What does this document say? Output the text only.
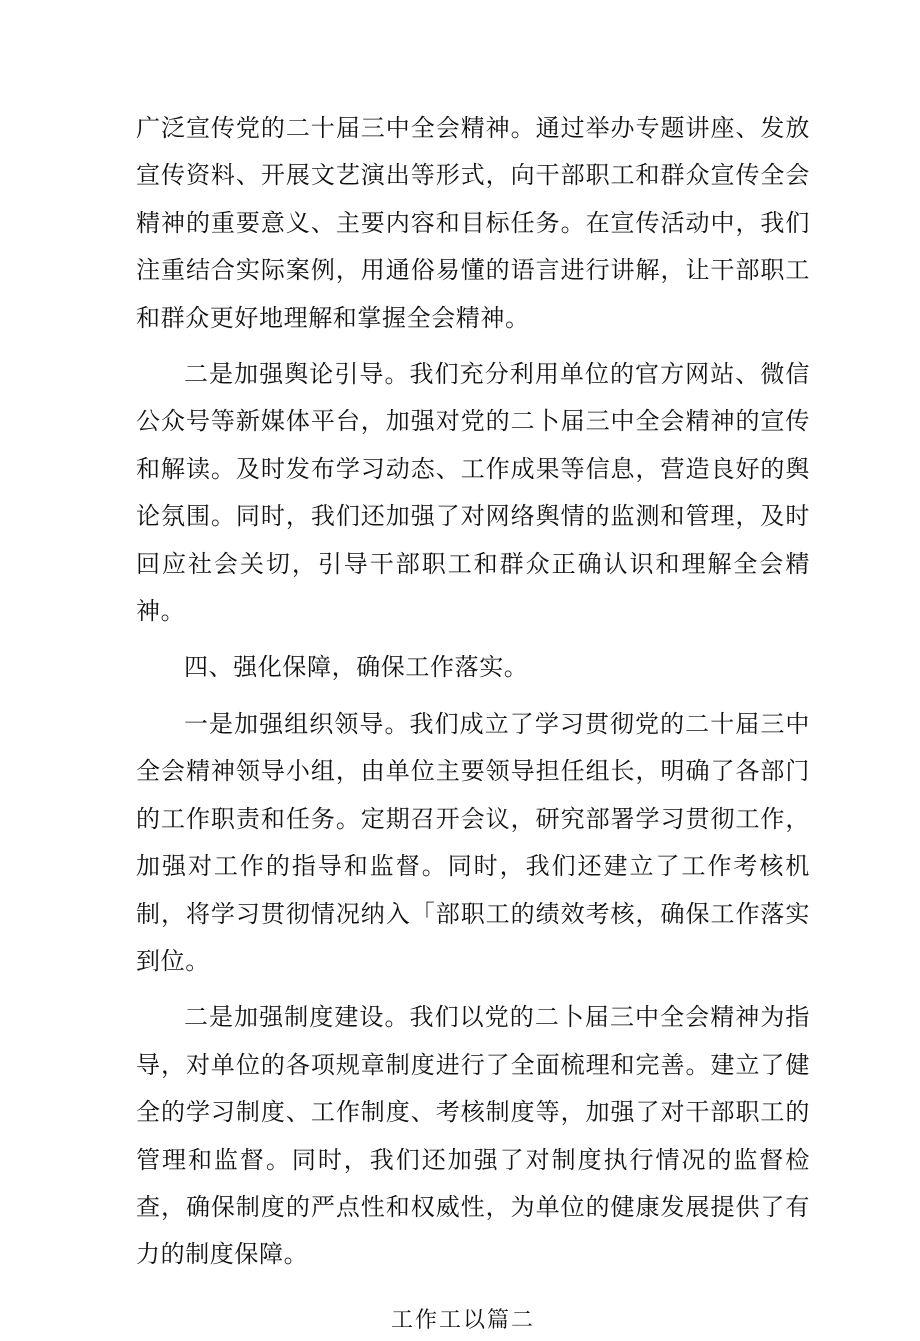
广泛宣传党的二十届三中全会精神。通过举办专题讲座、发放宣传资料、开展文艺演出等形式，向干部职工和群众宣传全会精神的重要意义、主要内容和目标任务。在宣传活动中，我们注重结合实际案例，用通俗易懂的语言进行讲解，让干部职工和群众更好地理解和掌握全会精神。

二是加强舆论引导。我们充分利用单位的官方网站、微信公众号等新媒体平台，加强对党的二卜届三中全会精神的宣传和解读。及时发布学习动态、工作成果等信息，营造良好的舆论氛围。同时，我们还加强了对网络舆情的监测和管理，及时回应社会关切，引导干部职工和群众正确认识和理解全会精神。

四、强化保障，确保工作落实。

一是加强组织领导。我们成立了学习贯彻党的二十届三中全会精神领导小组，由单位主要领导担任组长，明确了各部门的工作职责和任务。定期召开会议，研究部署学习贯彻工作，加强对工作的指导和监督。同时，我们还建立了工作考核机制，将学习贯彻情况纳入「部职工的绩效考核，确保工作落实到位。

二是加强制度建设。我们以党的二卜届三中全会精神为指导，对单位的各项规章制度进行了全面梳理和完善。建立了健全的学习制度、工作制度、考核制度等，加强了对干部职工的管理和监督。同时，我们还加强了对制度执行情况的监督检查，确保制度的严点性和权威性，为单位的健康发展提供了有力的制度保障。

工作工以篇二
